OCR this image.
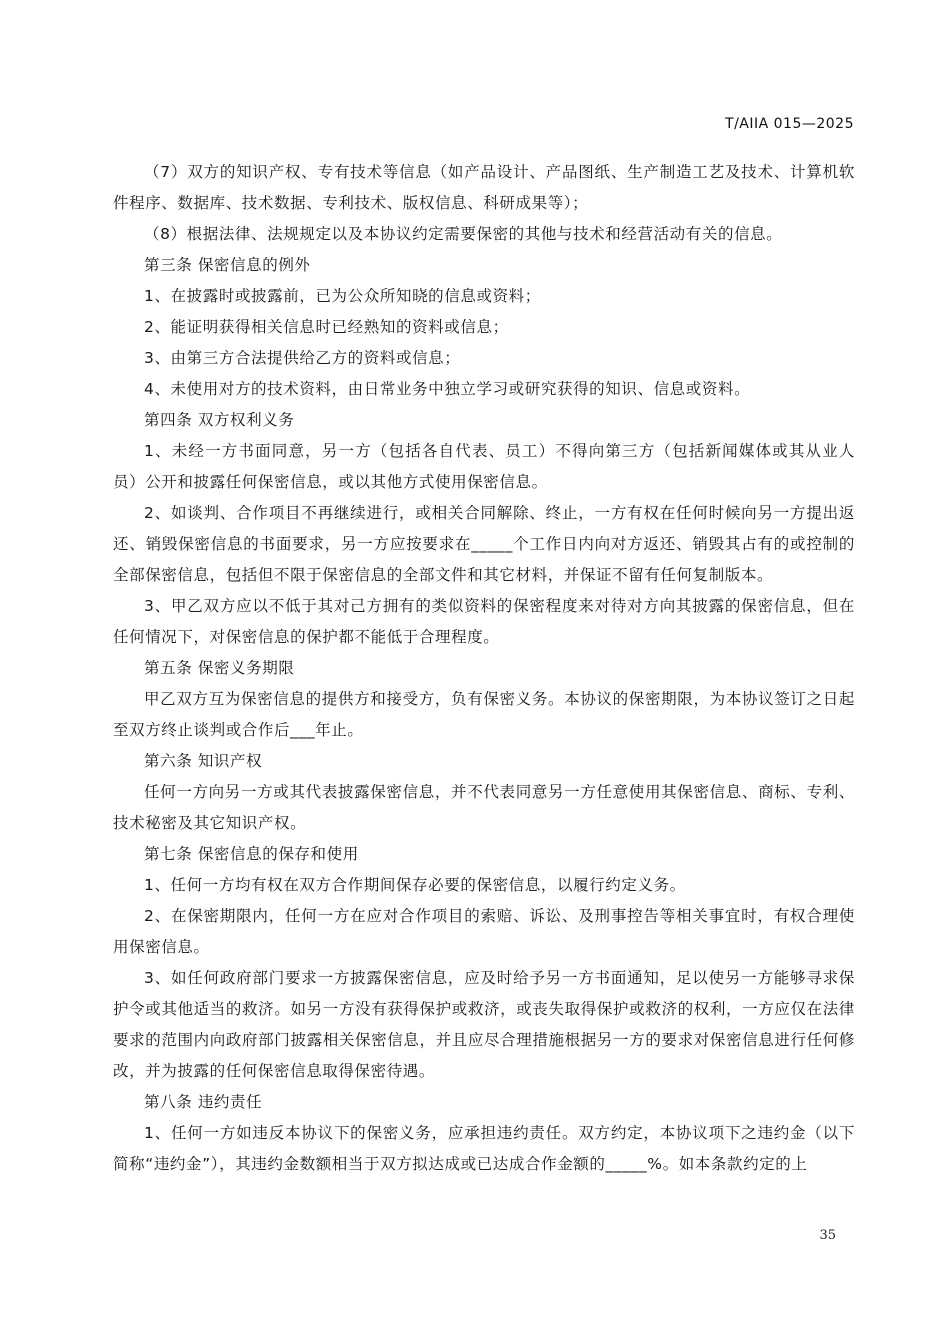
T/AIIA 015—2025

（7）双方的知识产权、专有技术等信息（如产品设计、产品图纸、生产制造工艺及技术、计算机软件程序、数据库、技术数据、专利技术、版权信息、科研成果等）；

（8）根据法律、法规规定以及本协议约定需要保密的其他与技术和经营活动有关的信息。

第三条 保密信息的例外

1、在披露时或披露前，已为公众所知晓的信息或资料；

2、能证明获得相关信息时已经熟知的资料或信息；

3、由第三方合法提供给乙方的资料或信息；

4、未使用对方的技术资料，由日常业务中独立学习或研究获得的知识、信息或资料。

第四条 双方权利义务

1、未经一方书面同意，另一方（包括各自代表、员工）不得向第三方（包括新闻媒体或其从业人员）公开和披露任何保密信息，或以其他方式使用保密信息。

2、如谈判、合作项目不再继续进行，或相关合同解除、终止，一方有权在任何时候向另一方提出返还、销毁保密信息的书面要求，另一方应按要求在_____个工作日内向对方返还、销毁其占有的或控制的全部保密信息，包括但不限于保密信息的全部文件和其它材料，并保证不留有任何复制版本。

3、甲乙双方应以不低于其对己方拥有的类似资料的保密程度来对待对方向其披露的保密信息，但在任何情况下，对保密信息的保护都不能低于合理程度。

第五条 保密义务期限

甲乙双方互为保密信息的提供方和接受方，负有保密义务。本协议的保密期限，为本协议签订之日起至双方终止谈判或合作后___年止。

第六条 知识产权

任何一方向另一方或其代表披露保密信息，并不代表同意另一方任意使用其保密信息、商标、专利、技术秘密及其它知识产权。

第七条 保密信息的保存和使用

1、任何一方均有权在双方合作期间保存必要的保密信息，以履行约定义务。

2、在保密期限内，任何一方在应对合作项目的索赔、诉讼、及刑事控告等相关事宜时，有权合理使用保密信息。

3、如任何政府部门要求一方披露保密信息，应及时给予另一方书面通知，足以使另一方能够寻求保护令或其他适当的救济。如另一方没有获得保护或救济，或丧失取得保护或救济的权利，一方应仅在法律要求的范围内向政府部门披露相关保密信息，并且应尽合理措施根据另一方的要求对保密信息进行任何修改，并为披露的任何保密信息取得保密待遇。

第八条 违约责任

1、任何一方如违反本协议下的保密义务，应承担违约责任。双方约定，本协议项下之违约金（以下简称“违约金”），其违约金数额相当于双方拟达成或已达成合作金额的_____%。如本条款约定的上

35
